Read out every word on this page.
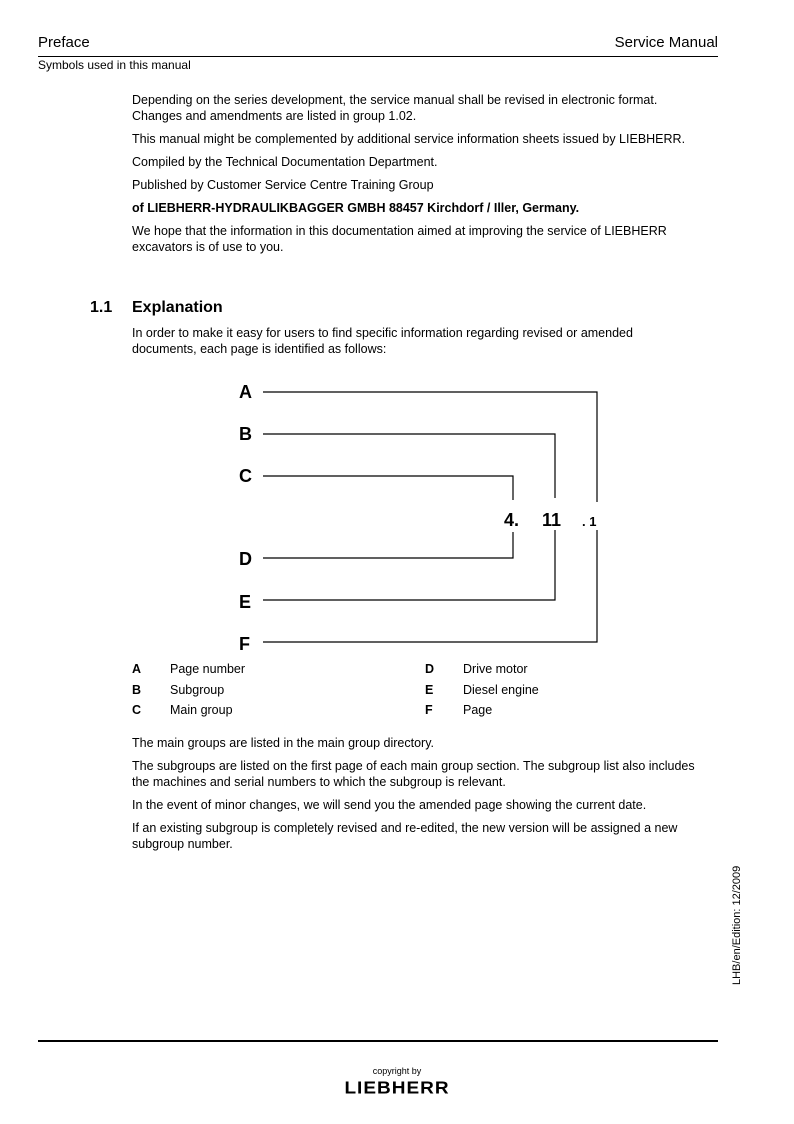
Preface	Service Manual
Symbols used in this manual

Depending on the series development, the service manual shall be revised in electronic format.
Changes and amendments are listed in group 1.02.

This manual might be complemented by additional service information sheets issued by LIEBHERR.

Compiled by the Technical Documentation Department.

Published by Customer Service Centre Training Group

of LIEBHERR-HYDRAULIKBAGGER GMBH 88457 Kirchdorf / Iller, Germany.

We hope that the information in this documentation aimed at improving the service of LIEBHERR
excavators is of use to you.

1.1 Explanation

In order to make it easy for users to find specific information regarding revised or amended
documents, each page is identified as follows:

A
B
C
D
E
F
4. 11 . 1
A Page number
B Subgroup
C Main group
D Drive motor
E Diesel engine
F Page

The main groups are listed in the main group directory.

The subgroups are listed on the first page of each main group section. The subgroup list also includes
the machines and serial numbers to which the subgroup is relevant.

In the event of minor changes, we will send you the amended page showing the current date.

If an existing subgroup is completely revised and re-edited, the new version will be assigned a new
subgroup number.

LHB/en/Edition: 12/2009
copyright by
LIEBHERR
